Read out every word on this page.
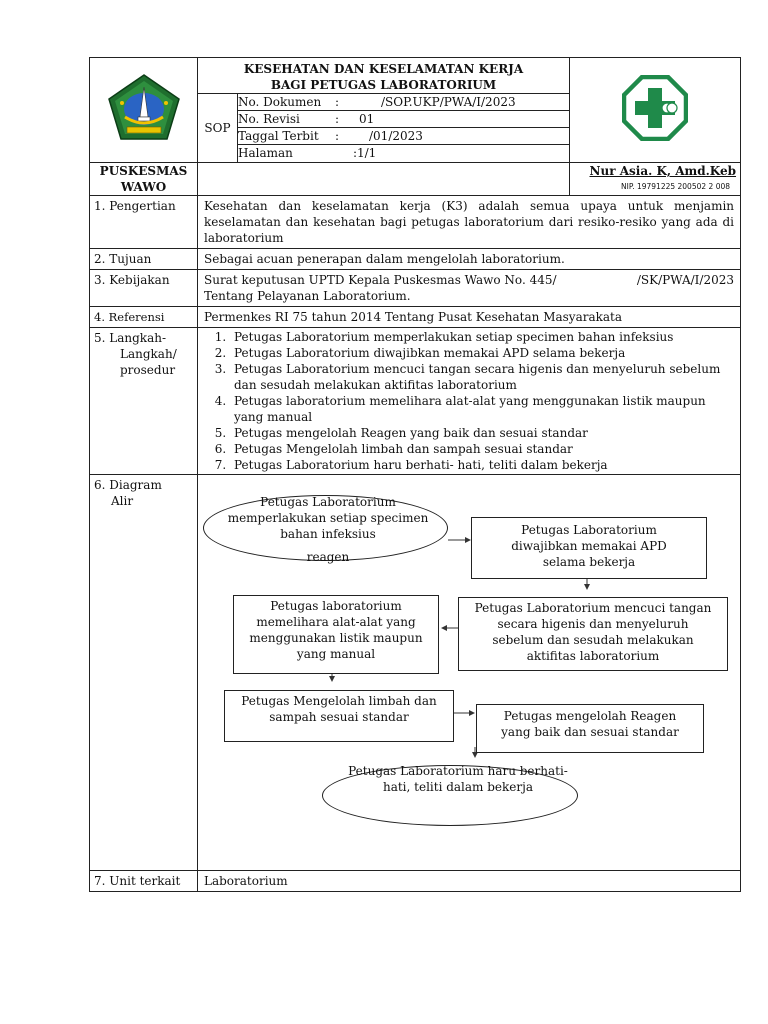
KESEHATAN DAN KESELAMATAN KERJA
BAGI PETUGAS LABORATORIUM

SOP	
No. Dokumen	:	/SOP.UKP/PWA/I/2023
No. Revisi	:	01
Taggal Terbit	:	/01/2023
Halaman	:	1/1

PUSKESMAS
WAWO

Nur Asia. K, Amd.Keb
NIP. 19791225 200502 2 008

1. Pengertian	Kesehatan dan keselamatan kerja (K3) adalah semua upaya untuk menjamin keselamatan dan kesehatan bagi petugas laboratorium dari resiko-resiko yang ada di laboratorium
2. Tujuan	Sebagai acuan penerapan dalam mengelolah laboratorium.
3. Kebijakan	Surat keputusan UPTD Kepala Puskesmas Wawo No. 445/	/SK/PWA/I/2023
Tentang Pelayanan Laboratorium.

4. Referensi	Permenkes RI 75 tahun 2014 Tentang Pusat Kesehatan Masyarakata

5. Langkah-
Langkah/
prosedur

1. Petugas Laboratorium memperlakukan setiap specimen bahan infeksius
2. Petugas Laboratorium diwajibkan memakai APD selama bekerja
3. Petugas Laboratorium mencuci tangan secara higenis dan menyeluruh sebelum dan sesudah melakukan aktifitas laboratorium
4. Petugas laboratorium memelihara alat-alat yang menggunakan listik maupun yang manual
5. Petugas mengelolah Reagen yang baik dan sesuai standar
6. Petugas Mengelolah limbah dan sampah sesuai standar
7. Petugas Laboratorium haru berhati- hati, teliti dalam bekerja

6. Diagram
Alir	Petugas Laboratorium
memperlakukan setiap specimen
bahan infeksius
reagen
Petugas Laboratorium
diwajibkan memakai APD
selama bekerja
Petugas Laboratorium mencuci tangan
secara higenis dan menyeluruh
sebelum dan sesudah melakukan
aktifitas laboratorium
Petugas laboratorium
memelihara alat-alat yang
menggunakan listik maupun
yang manual
Petugas Mengelolah limbah dan
sampah sesuai standar	Petugas mengelolah Reagen
yang baik dan sesuai standar
Petugas Laboratorium haru berhati-
hati, teliti dalam bekerja

7. Unit terkait	Laboratorium
